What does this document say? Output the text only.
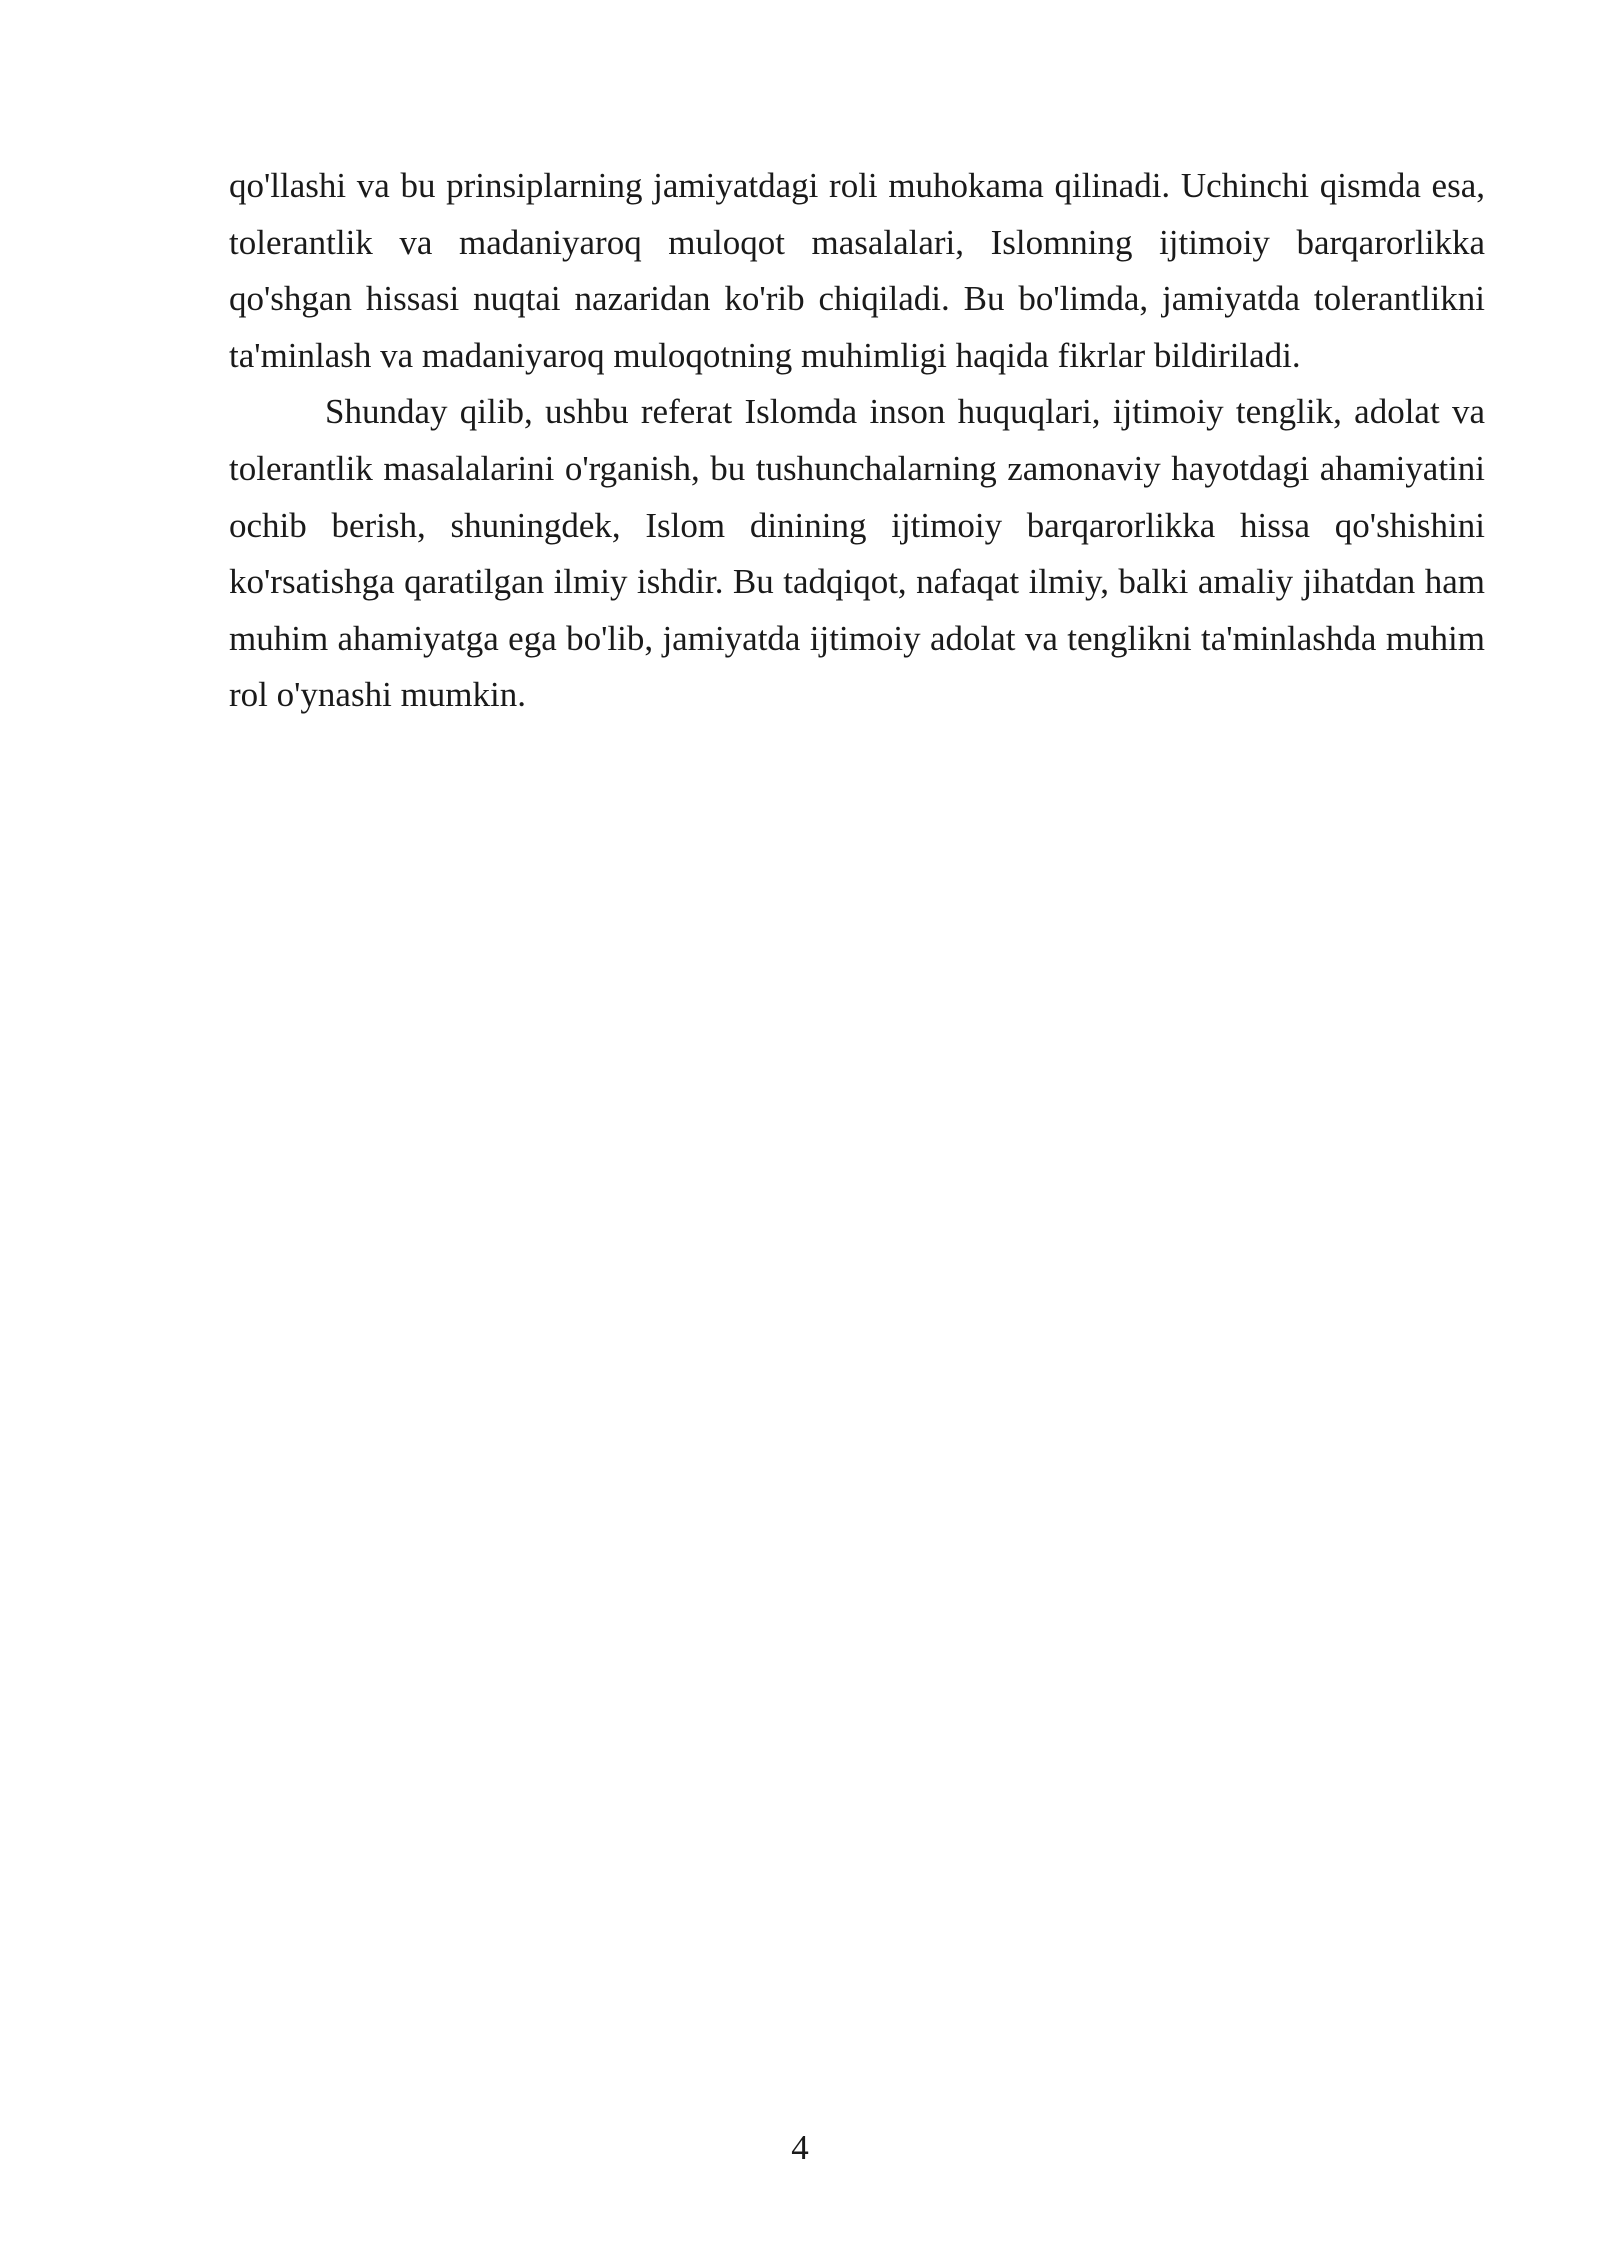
qo'llashi va bu prinsiplarning jamiyatdagi roli muhokama qilinadi. Uchinchi qismda esa, tolerantlik va madaniyaroq muloqot masalalari, Islomning ijtimoiy barqarorlikka qo'shgan hissasi nuqtai nazaridan ko'rib chiqiladi. Bu bo'limda, jamiyatda tolerantlikni ta'minlash va madaniyaroq muloqotning muhimligi haqida fikrlar bildiriladi.

Shunday qilib, ushbu referat Islomda inson huquqlari, ijtimoiy tenglik, adolat va tolerantlik masalalarini o'rganish, bu tushunchalarning zamonaviy hayotdagi ahamiyatini ochib berish, shuningdek, Islom dinining ijtimoiy barqarorlikka hissa qo'shishini ko'rsatishga qaratilgan ilmiy ishdir. Bu tadqiqot, nafaqat ilmiy, balki amaliy jihatdan ham muhim ahamiyatga ega bo'lib, jamiyatda ijtimoiy adolat va tenglikni ta'minlashda muhim rol o'ynashi mumkin.

4
